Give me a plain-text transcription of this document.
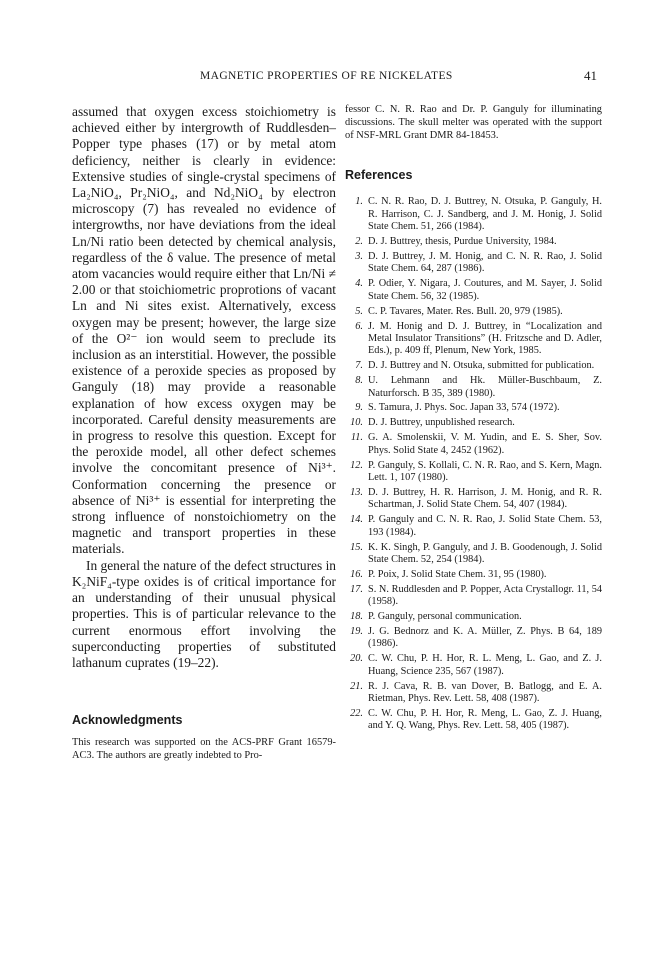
MAGNETIC PROPERTIES OF RE NICKELATES	41

assumed that oxygen excess stoichiometry is achieved either by intergrowth of Ruddlesden–Popper type phases (17) or by metal atom deficiency, neither is clearly in evidence: Extensive studies of single-crystal specimens of La₂NiO₄, Pr₂NiO₄, and Nd₂NiO₄ by electron microscopy (7) has revealed no evidence of intergrowths, nor have deviations from the ideal Ln/Ni ratio been detected by chemical analysis, regardless of the δ value. The presence of metal atom vacancies would require either that Ln/Ni ≠ 2.00 or that stoichiometric proprotions of vacant Ln and Ni sites exist. Alternatively, excess oxygen may be present; however, the large size of the O²⁻ ion would seem to preclude its inclusion as an interstitial. However, the possible existence of a peroxide species as proposed by Ganguly (18) may provide a reasonable explanation of how excess oxygen may be incorporated. Careful density measurements are in progress to resolve this question. Except for the peroxide model, all other defect schemes involve the concomitant presence of Ni³⁺. Conformation concerning the presence or absence of Ni³⁺ is essential for interpreting the strong influence of nonstoichiometry on the magnetic and transport properties in these materials.

In general the nature of the defect structures in K₂NiF₄-type oxides is of critical importance for an understanding of their unusual physical properties. This is of particular relevance to the current enormous effort involving the superconducting properties of substituted lathanum cuprates (19–22).

Acknowledgments

This research was supported on the ACS-PRF Grant 16579-AC3. The authors are greatly indebted to Pro-

fessor C. N. R. Rao and Dr. P. Ganguly for illuminating discussions. The skull melter was operated with the support of NSF-MRL Grant DMR 84-18453.

References
1. C. N. R. Rao, D. J. Buttrey, N. Otsuka, P. Ganguly, H. R. Harrison, C. J. Sandberg, and J. M. Honig, J. Solid State Chem. 51, 266 (1984).
2. D. J. Buttrey, thesis, Purdue University, 1984.
3. D. J. Buttrey, J. M. Honig, and C. N. R. Rao, J. Solid State Chem. 64, 287 (1986).
4. P. Odier, Y. Nigara, J. Coutures, and M. Sayer, J. Solid State Chem. 56, 32 (1985).
5. C. P. Tavares, Mater. Res. Bull. 20, 979 (1985).
6. J. M. Honig and D. J. Buttrey, in “Localization and Metal Insulator Transitions” (H. Fritzsche and D. Adler, Eds.), p. 409 ff, Plenum, New York, 1985.
7. D. J. Buttrey and N. Otsuka, submitted for publication.
8. U. Lehmann and Hk. Müller-Buschbaum, Z. Naturforsch. B 35, 389 (1980).
9. S. Tamura, J. Phys. Soc. Japan 33, 574 (1972).
10. D. J. Buttrey, unpublished research.
11. G. A. Smolenskii, V. M. Yudin, and E. S. Sher, Sov. Phys. Solid State 4, 2452 (1962).
12. P. Ganguly, S. Kollali, C. N. R. Rao, and S. Kern, Magn. Lett. 1, 107 (1980).
13. D. J. Buttrey, H. R. Harrison, J. M. Honig, and R. R. Schartman, J. Solid State Chem. 54, 407 (1984).
14. P. Ganguly and C. N. R. Rao, J. Solid State Chem. 53, 193 (1984).
15. K. K. Singh, P. Ganguly, and J. B. Goodenough, J. Solid State Chem. 52, 254 (1984).
16. P. Poix, J. Solid State Chem. 31, 95 (1980).
17. S. N. Ruddlesden and P. Popper, Acta Crystallogr. 11, 54 (1958).
18. P. Ganguly, personal communication.
19. J. G. Bednorz and K. A. Müller, Z. Phys. B 64, 189 (1986).
20. C. W. Chu, P. H. Hor, R. L. Meng, L. Gao, and Z. J. Huang, Science 235, 567 (1987).
21. R. J. Cava, R. B. van Dover, B. Batlogg, and E. A. Rietman, Phys. Rev. Lett. 58, 408 (1987).
22. C. W. Chu, P. H. Hor, R. Meng, L. Gao, Z. J. Huang, and Y. Q. Wang, Phys. Rev. Lett. 58, 405 (1987).
